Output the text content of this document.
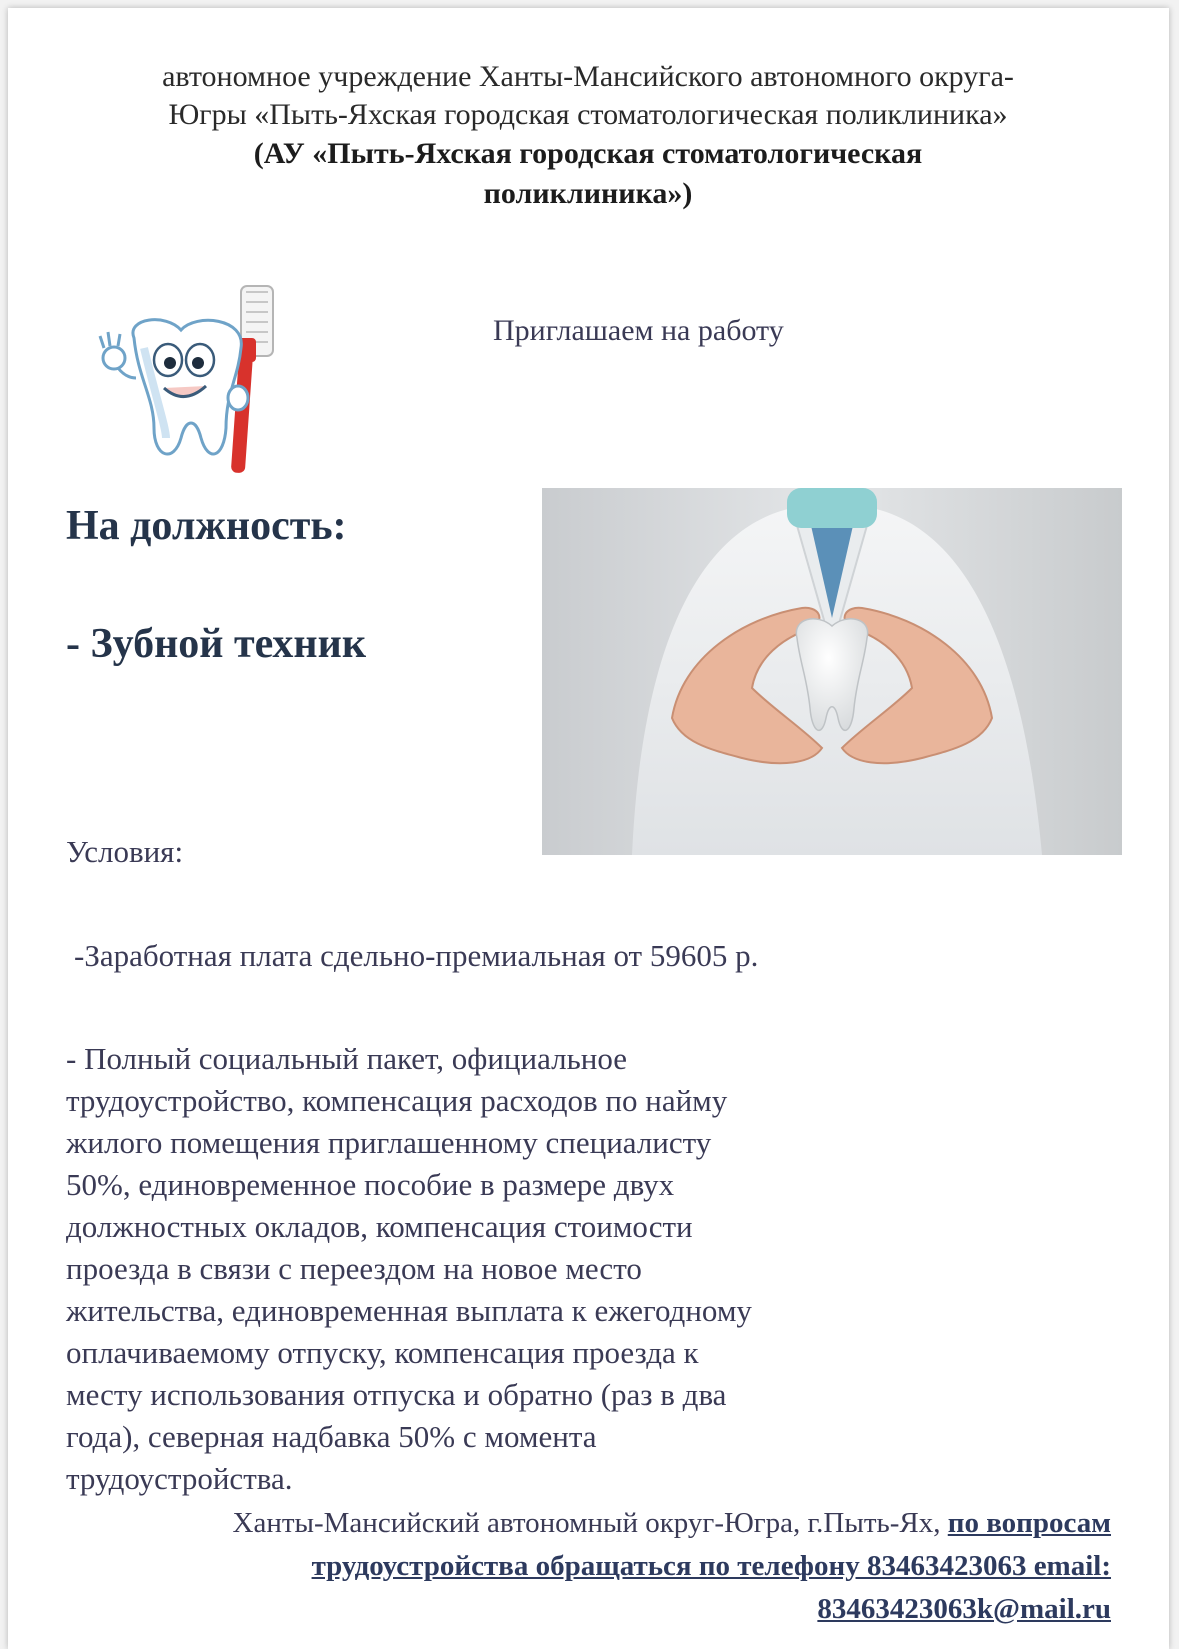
автономное учреждение Ханты-Мансийского автономного округа-
Югры «Пыть-Яхская городская стоматологическая поликлиника»
(АУ «Пыть-Яхская городская стоматологическая
поликлиника»)
Приглашаем на работу
На должность:
- Зубной техник
Условия:
-Заработная плата сдельно-премиальная от 59605 р.
- Полный социальный пакет, официальное
трудоустройство, компенсация расходов по найму
жилого помещения приглашенному специалисту
50%, единовременное пособие в размере двух
должностных окладов, компенсация стоимости
проезда в связи с переездом на новое место
жительства, единовременная выплата к ежегодному
оплачиваемому отпуску, компенсация проезда к
месту использования отпуска и обратно (раз в два
года), северная надбавка 50% с момента
трудоустройства.
Ханты-Мансийский автономный округ-Югра, г.Пыть-Ях, по вопросам
трудоустройства обращаться по телефону 83463423063 email:
83463423063k@mail.ru
